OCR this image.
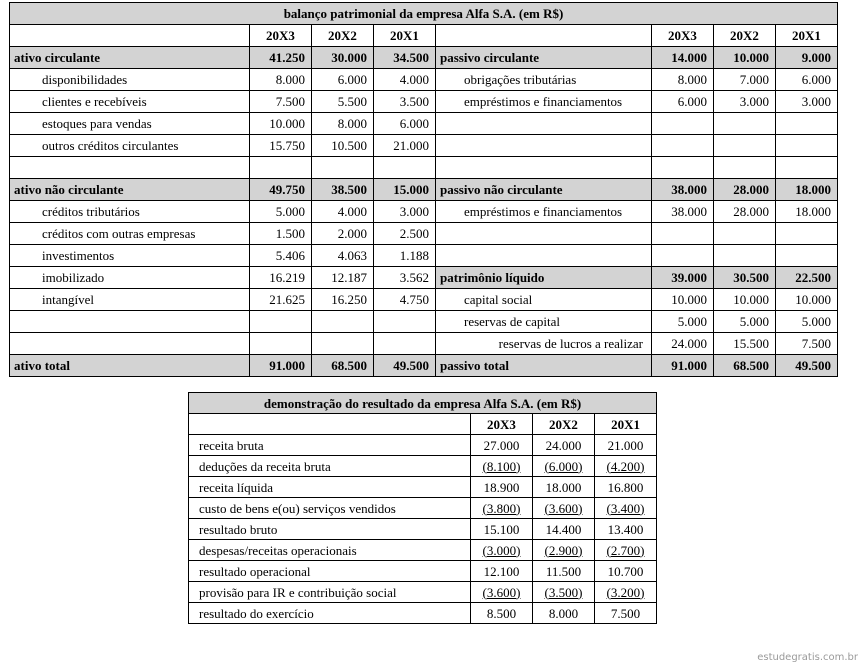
balanço patrimonial da empresa Alfa S.A. (em R$)							
	20X3	20X2	20X1		20X3	20X2	20X1
ativo circulante	41.250	30.000	34.500	passivo circulante	14.000	10.000	9.000
disponibilidades	8.000	6.000	4.000	obrigações tributárias	8.000	7.000	6.000
clientes e recebíveis	7.500	5.500	3.500	empréstimos e financiamentos	6.000	3.000	3.000
estoques para vendas	10.000	8.000	6.000				
outros créditos circulantes	15.750	10.500	21.000				

ativo não circulante	49.750	38.500	15.000	passivo não circulante	38.000	28.000	18.000
créditos tributários	5.000	4.000	3.000	empréstimos e financiamentos	38.000	28.000	18.000
créditos com outras empresas	1.500	2.000	2.500				
investimentos	5.406	4.063	1.188				
imobilizado	16.219	12.187	3.562	patrimônio líquido	39.000	30.500	22.500
intangível	21.625	16.250	4.750	capital social	10.000	10.000	10.000
				reservas de capital	5.000	5.000	5.000
				reservas de lucros a realizar	24.000	15.500	7.500
ativo total	91.000	68.500	49.500	passivo total	91.000	68.500	49.500
demonstração do resultado da empresa Alfa S.A. (em R$)			
	20X3	20X2	20X1
receita bruta	27.000	24.000	21.000
deduções da receita bruta	(8.100)	(6.000)	(4.200)
receita líquida	18.900	18.000	16.800
custo de bens e(ou) serviços vendidos	(3.800)	(3.600)	(3.400)
resultado bruto	15.100	14.400	13.400
despesas/receitas operacionais	(3.000)	(2.900)	(2.700)
resultado operacional	12.100	11.500	10.700
provisão para IR e contribuição social	(3.600)	(3.500)	(3.200)
resultado do exercício	8.500	8.000	7.500
estudegratis.com.br
